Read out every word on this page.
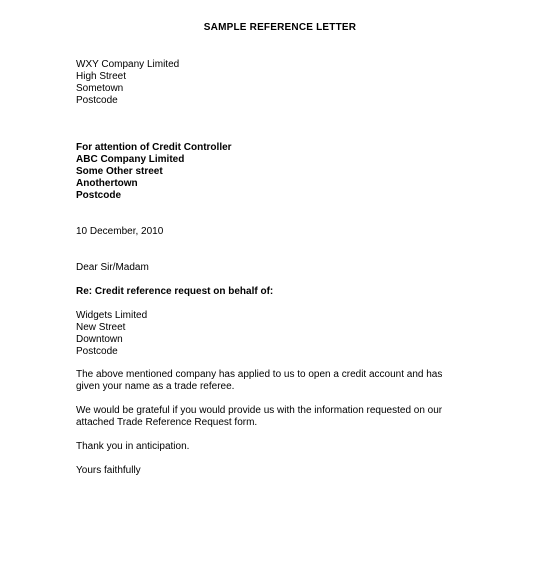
SAMPLE REFERENCE LETTER
WXY Company Limited
High Street
Sometown
Postcode
For attention of Credit Controller
ABC Company Limited
Some Other street
Anothertown
Postcode
10 December, 2010
Dear Sir/Madam
Re: Credit reference request on behalf of:
Widgets Limited
New Street
Downtown
Postcode
The above mentioned company has applied to us to open a credit account and has
given your name as a trade referee.
We would be grateful if you would provide us with the information requested on our
attached Trade Reference Request form.
Thank you in anticipation.
Yours faithfully
